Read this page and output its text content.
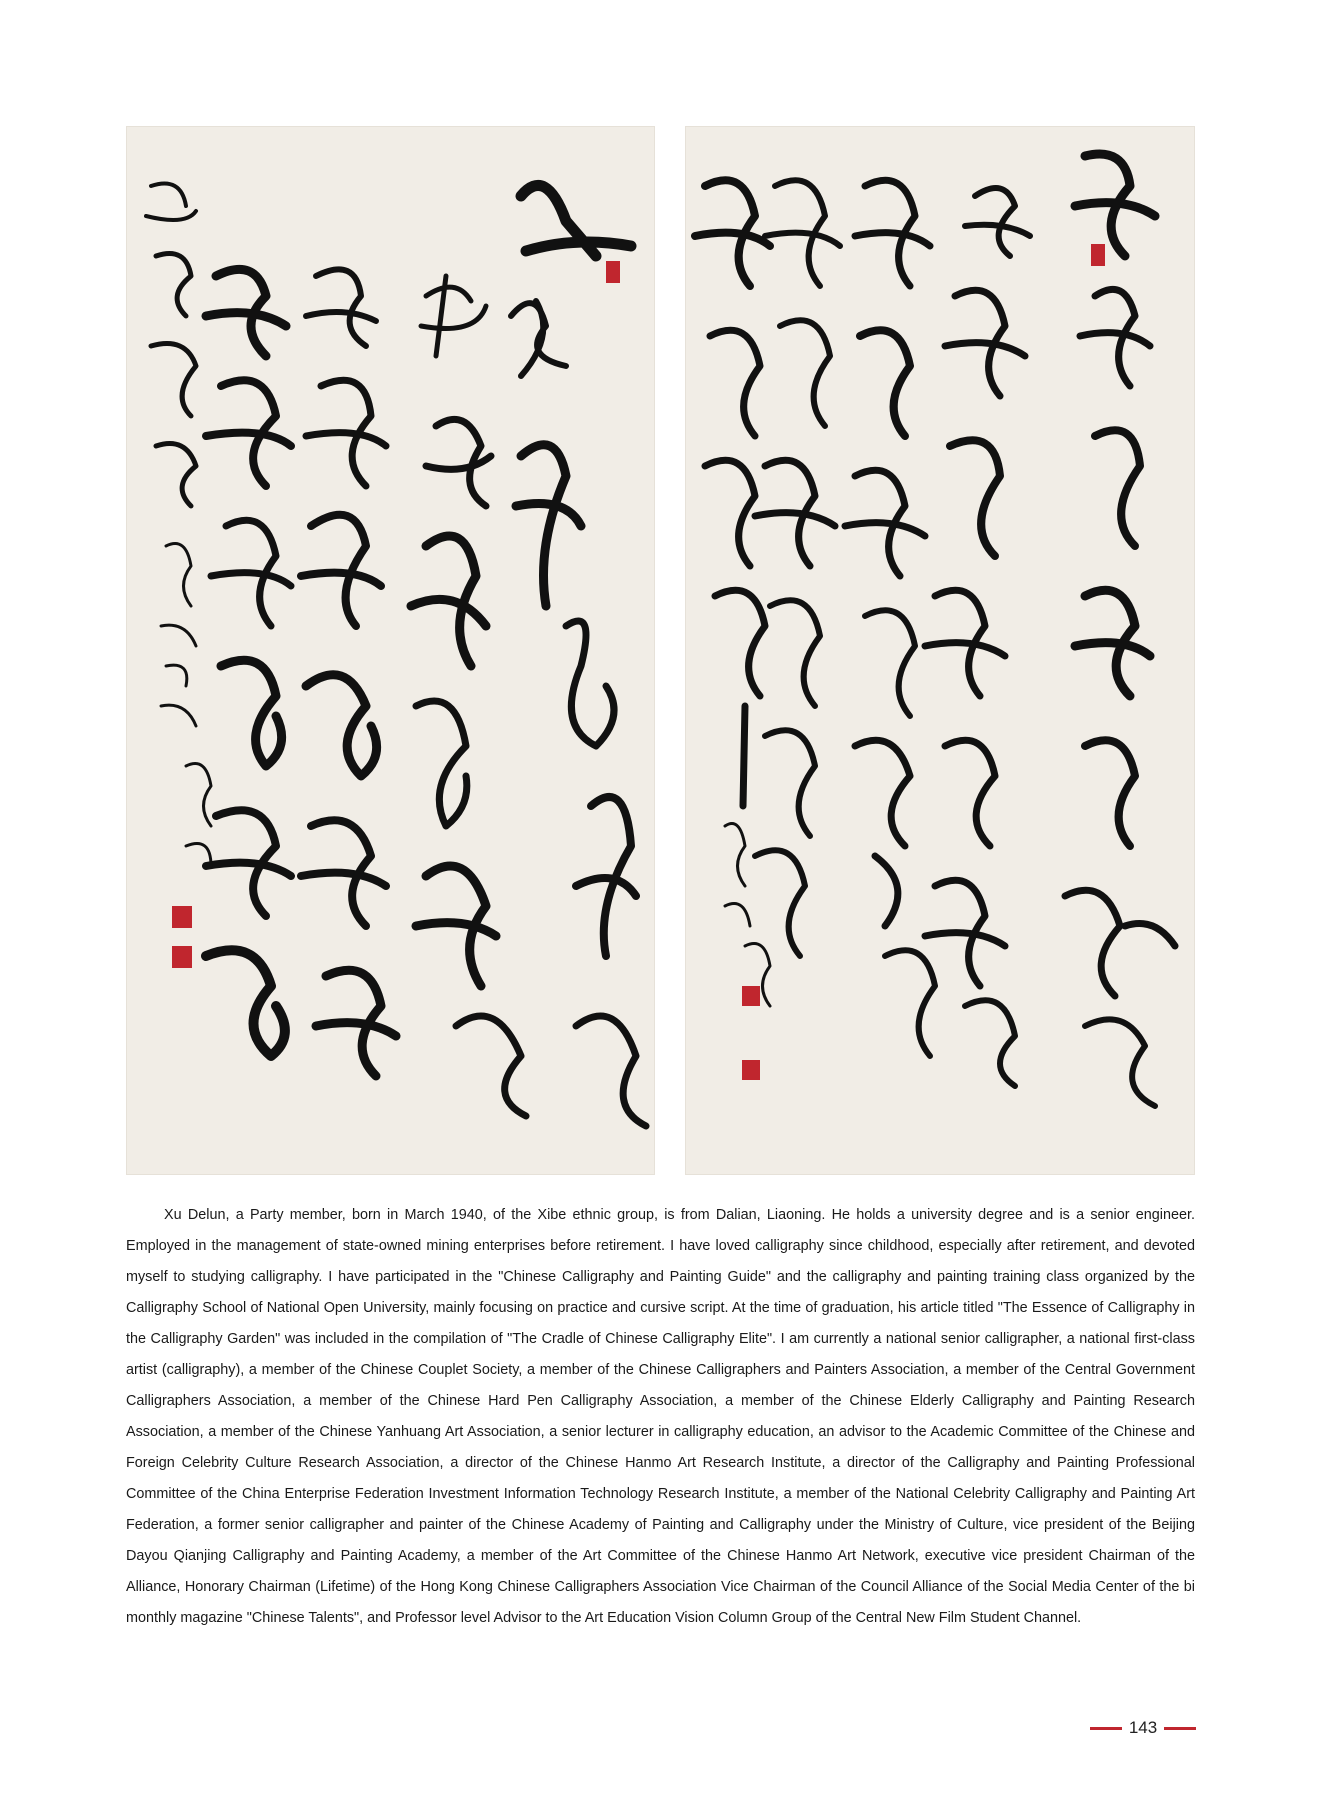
Xu Delun, a Party member, born in March 1940, of the Xibe ethnic group, is from Dalian, Liaoning. He holds a university degree and is a senior engineer. Employed in the management of state-owned mining enterprises before retirement. I have loved calligraphy since childhood, especially after retirement, and devoted myself to studying calligraphy. I have participated in the "Chinese Calligraphy and Painting Guide" and the calligraphy and painting training class organized by the Calligraphy School of National Open University, mainly focusing on practice and cursive script. At the time of graduation, his article titled "The Essence of Calligraphy in the Calligraphy Garden" was included in the compilation of "The Cradle of Chinese Calligraphy Elite". I am currently a national senior calligrapher, a national first-class artist (calligraphy), a member of the Chinese Couplet Society, a member of the Chinese Calligraphers and Painters Association, a member of the Central Government Calligraphers Association, a member of the Chinese Hard Pen Calligraphy Association, a member of the Chinese Elderly Calligraphy and Painting Research Association, a member of the Chinese Yanhuang Art Association, a senior lecturer in calligraphy education, an advisor to the Academic Committee of the Chinese and Foreign Celebrity Culture Research Association, a director of the Chinese Hanmo Art Research Institute, a director of the Calligraphy and Painting Professional Committee of the China Enterprise Federation Investment Information Technology Research Institute, a member of the National Celebrity Calligraphy and Painting Art Federation, a former senior calligrapher and painter of the Chinese Academy of Painting and Calligraphy under the Ministry of Culture, vice president of the Beijing Dayou Qianjing Calligraphy and Painting Academy, a member of the Art Committee of the Chinese Hanmo Art Network, executive vice president Chairman of the Alliance, Honorary Chairman (Lifetime) of the Hong Kong Chinese Calligraphers Association Vice Chairman of the Council Alliance of the Social Media Center of the bi monthly magazine "Chinese Talents", and Professor level Advisor to the Art Education Vision Column Group of the Central New Film Student Channel.

143
